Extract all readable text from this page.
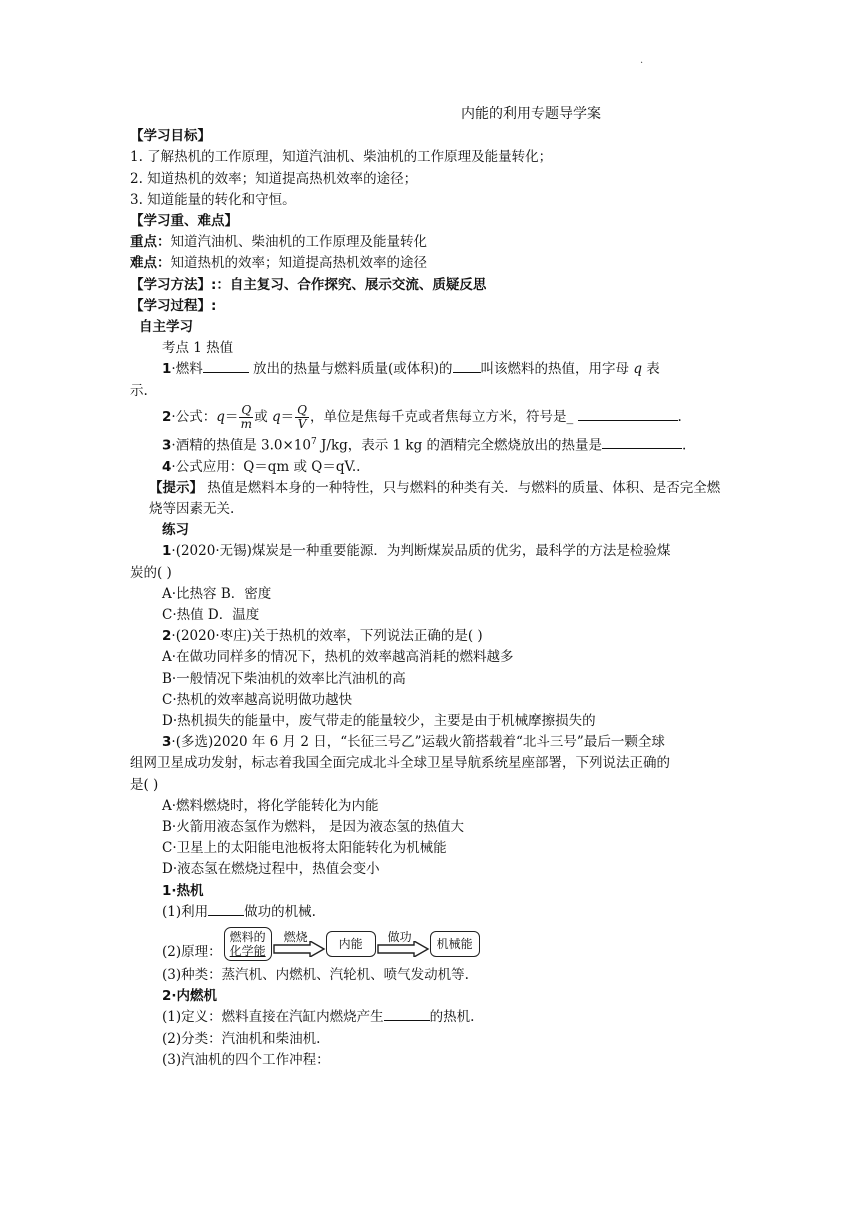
·
内能的利用专题导学案
【学习目标】
1. 了解热机的工作原理，知道汽油机、柴油机的工作原理及能量转化；
2. 知道热机的效率；知道提高热机效率的途径；
3. 知道能量的转化和守恒。
【学习重、难点】
重点：知道汽油机、柴油机的工作原理及能量转化
难点：知道热机的效率；知道提高热机效率的途径
【学习方法】:：自主复习、合作探究、展示交流、质疑反思
【学习过程】:
自主学习
考点 1 热值
1·燃料	放出的热量与燃料质量(或体积)的 叫该燃料的热值，用字母 q 表
示.
2·公式：$q= \frac{Q}{m}$ 或 $q= \frac{Q}{V}$ ，单位是焦每千克或者焦每立方米，符号是_	.
3·酒精的热值是 $3.0\times 10^7$ J/kg，表示 1 kg 的酒精完全燃烧放出的热量是	.
4·公式应用：Q＝qm 或 Q＝qV..
【提示】 热值是燃料本身的一种特性，只与燃料的种类有关．与燃料的质量、体积、是否完全燃烧等因素无关.
练习
1·(2020·无锡)煤炭是一种重要能源．为判断煤炭品质的优劣，最科学的方法是检验煤
炭的( )
A·比热容 B．密度
C·热值 D．温度
2·(2020·枣庄)关于热机的效率，下列说法正确的是( )
A·在做功同样多的情况下，热机的效率越高消耗的燃料越多
B·一般情况下柴油机的效率比汽油机的高
C·热机的效率越高说明做功越快
D·热机损失的能量中，废气带走的能量较少，主要是由于机械摩擦损失的
3·(多选)2020 年 6 月 2 日，“长征三号乙”运载火箭搭载着“北斗三号”最后一颗全球
组网卫星成功发射，标志着我国全面完成北斗全球卫星导航系统星座部署，下列说法正确的
是( )
A·燃料燃烧时，将化学能转化为内能
B·火箭用液态氢作为燃料， 是因为液态氢的热值大
C·卫星上的太阳能电池板将太阳能转化为机械能
D·液态氢在燃烧过程中，热值会变小
1·热机
(1)利用	做功的机械.
(2)原理：
燃料的
化学能
燃烧	内能	做功	机械能
(3)种类：蒸汽机、内燃机、汽轮机、喷气发动机等.
2·内燃机
(1)定义：燃料直接在汽缸内燃烧产生	的热机.
(2)分类：汽油机和柴油机.
(3)汽油机的四个工作冲程：
